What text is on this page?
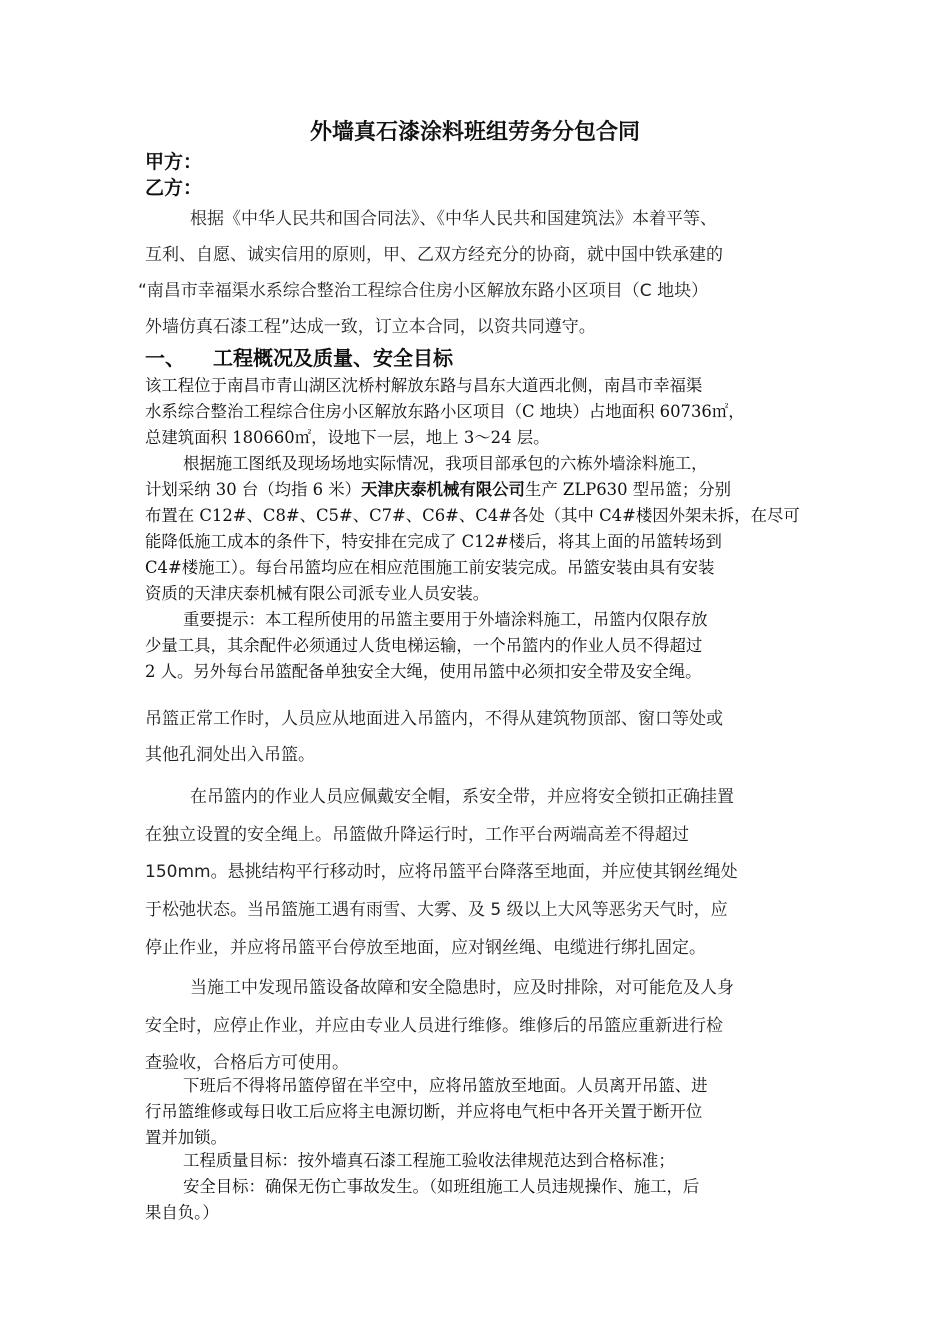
外墙真石漆涂料班组劳务分包合同
甲方：
乙方：
根据《中华人民共和国合同法》、《中华人民共和国建筑法》本着平等、
互利、自愿、诚实信用的原则，甲、乙双方经充分的协商，就中国中铁承建的
“南昌市幸福渠水系综合整治工程综合住房小区解放东路小区项目（C 地块）
外墙仿真石漆工程”达成一致，订立本合同，以资共同遵守。
一、 工程概况及质量、安全目标
该工程位于南昌市青山湖区沈桥村解放东路与昌东大道西北侧，南昌市幸福渠
水系综合整治工程综合住房小区解放东路小区项目（C 地块）占地面积 60736㎡，
总建筑面积 180660㎡，设地下一层，地上 3～24 层。
根据施工图纸及现场场地实际情况，我项目部承包的六栋外墙涂料施工，
计划采纳 30 台（均指 6 米）天津庆泰机械有限公司生产 ZLP630 型吊篮；分别
布置在 C12#、C8#、C5#、C7#、C6#、C4#各处（其中 C4#楼因外架未拆，在尽可
能降低施工成本的条件下，特安排在完成了 C12#楼后，将其上面的吊篮转场到
C4#楼施工）。每台吊篮均应在相应范围施工前安装完成。吊篮安装由具有安装
资质的天津庆泰机械有限公司派专业人员安装。
重要提示：本工程所使用的吊篮主要用于外墙涂料施工，吊篮内仅限存放
少量工具，其余配件必须通过人货电梯运输，一个吊篮内的作业人员不得超过
2 人。另外每台吊篮配备单独安全大绳，使用吊篮中必须扣安全带及安全绳。
吊篮正常工作时，人员应从地面进入吊篮内，不得从建筑物顶部、窗口等处或
其他孔洞处出入吊篮。
在吊篮内的作业人员应佩戴安全帽，系安全带，并应将安全锁扣正确挂置
在独立设置的安全绳上。吊篮做升降运行时，工作平台两端高差不得超过
150mm。悬挑结构平行移动时，应将吊篮平台降落至地面，并应使其钢丝绳处
于松弛状态。当吊篮施工遇有雨雪、大雾、及 5 级以上大风等恶劣天气时，应
停止作业，并应将吊篮平台停放至地面，应对钢丝绳、电缆进行绑扎固定。
当施工中发现吊篮设备故障和安全隐患时，应及时排除，对可能危及人身
安全时，应停止作业，并应由专业人员进行维修。维修后的吊篮应重新进行检
查验收，合格后方可使用。
下班后不得将吊篮停留在半空中，应将吊篮放至地面。人员离开吊篮、进
行吊篮维修或每日收工后应将主电源切断，并应将电气柜中各开关置于断开位
置并加锁。
工程质量目标：按外墙真石漆工程施工验收法律规范达到合格标准；
安全目标：确保无伤亡事故发生。（如班组施工人员违规操作、施工，后
果自负。）
